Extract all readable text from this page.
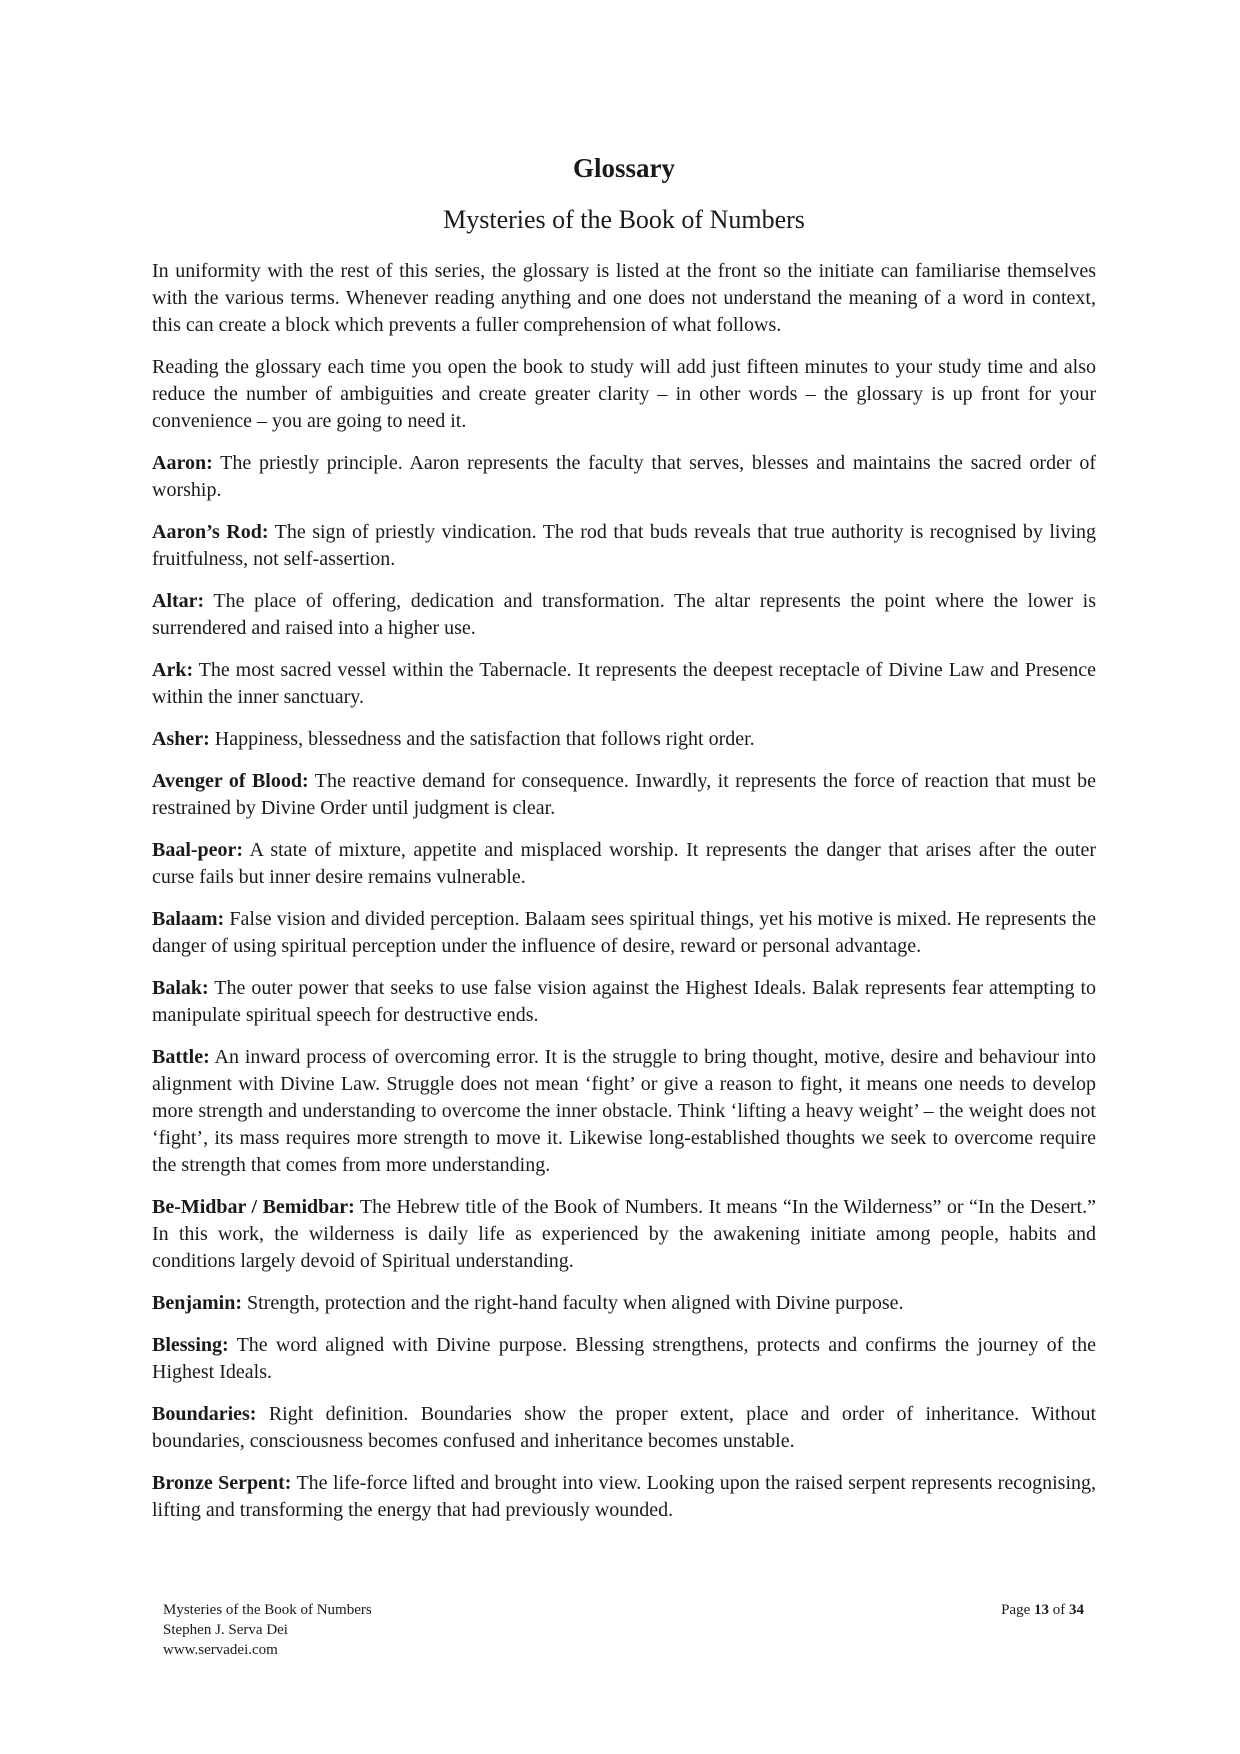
Glossary
Mysteries of the Book of Numbers

In uniformity with the rest of this series, the glossary is listed at the front so the initiate can familiarise themselves with the various terms. Whenever reading anything and one does not understand the meaning of a word in context, this can create a block which prevents a fuller comprehension of what follows.

Reading the glossary each time you open the book to study will add just fifteen minutes to your study time and also reduce the number of ambiguities and create greater clarity – in other words – the glossary is up front for your convenience – you are going to need it.

Aaron: The priestly principle. Aaron represents the faculty that serves, blesses and maintains the sacred order of worship.

Aaron’s Rod: The sign of priestly vindication. The rod that buds reveals that true authority is recognised by living fruitfulness, not self-assertion.

Altar: The place of offering, dedication and transformation. The altar represents the point where the lower is surrendered and raised into a higher use.

Ark: The most sacred vessel within the Tabernacle. It represents the deepest receptacle of Divine Law and Presence within the inner sanctuary.

Asher: Happiness, blessedness and the satisfaction that follows right order.

Avenger of Blood: The reactive demand for consequence. Inwardly, it represents the force of reaction that must be restrained by Divine Order until judgment is clear.

Baal-peor: A state of mixture, appetite and misplaced worship. It represents the danger that arises after the outer curse fails but inner desire remains vulnerable.

Balaam: False vision and divided perception. Balaam sees spiritual things, yet his motive is mixed. He represents the danger of using spiritual perception under the influence of desire, reward or personal advantage.

Balak: The outer power that seeks to use false vision against the Highest Ideals. Balak represents fear attempting to manipulate spiritual speech for destructive ends.

Battle: An inward process of overcoming error. It is the struggle to bring thought, motive, desire and behaviour into alignment with Divine Law. Struggle does not mean ‘fight’ or give a reason to fight, it means one needs to develop more strength and understanding to overcome the inner obstacle. Think ‘lifting a heavy weight’ – the weight does not ‘fight’, its mass requires more strength to move it. Likewise long-established thoughts we seek to overcome require the strength that comes from more understanding.

Be-Midbar / Bemidbar: The Hebrew title of the Book of Numbers. It means “In the Wilderness” or “In the Desert.” In this work, the wilderness is daily life as experienced by the awakening initiate among people, habits and conditions largely devoid of Spiritual understanding.

Benjamin: Strength, protection and the right-hand faculty when aligned with Divine purpose.

Blessing: The word aligned with Divine purpose. Blessing strengthens, protects and confirms the journey of the Highest Ideals.

Boundaries: Right definition. Boundaries show the proper extent, place and order of inheritance. Without boundaries, consciousness becomes confused and inheritance becomes unstable.

Bronze Serpent: The life-force lifted and brought into view. Looking upon the raised serpent represents recognising, lifting and transforming the energy that had previously wounded.

Mysteries of the Book of Numbers
Stephen J. Serva Dei
www.servadei.com
Page 13 of 34
